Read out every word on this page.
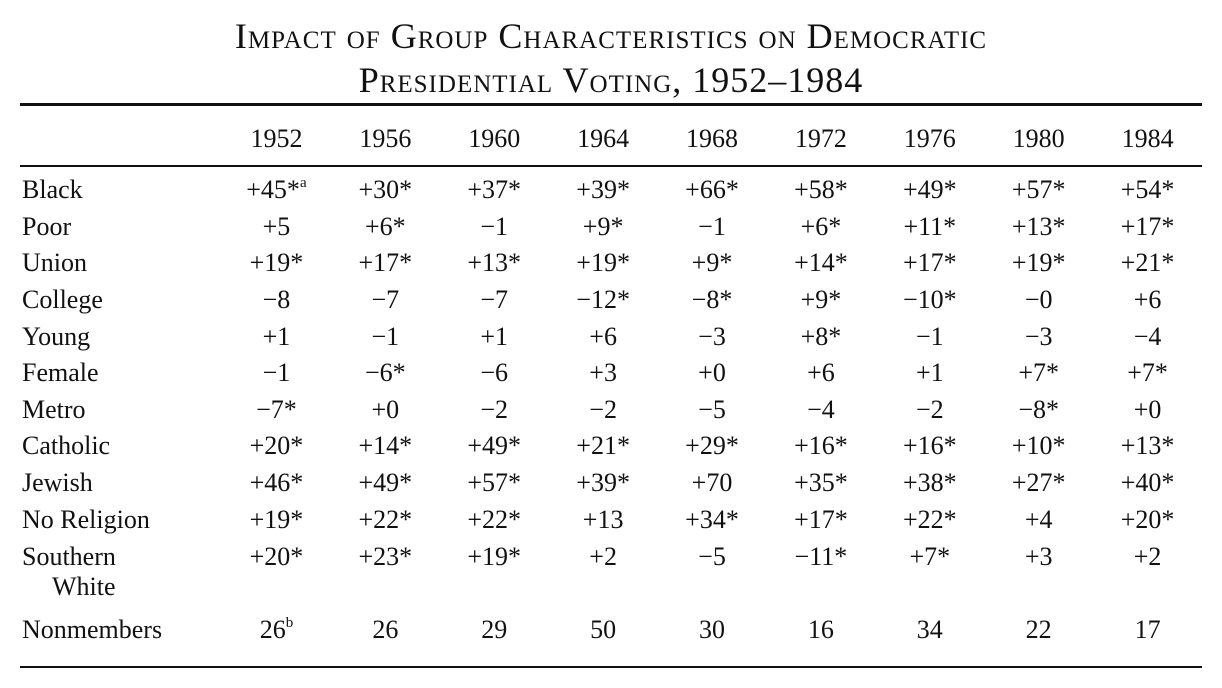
Impact of Group Characteristics on Democratic
Presidential Voting, 1952–1984
	1952	1956	1960	1964	1968	1972	1976	1980	1984

Black	+45*$^a$	+30*	+37*	+39*	+66*	+58*	+49*	+57*	+54*
Poor	+5	+6*	−1	+9*	−1	+6*	+11*	+13*	+17*
Union	+19*	+17*	+13*	+19*	+9*	+14*	+17*	+19*	+21*
College	−8	−7	−7	−12*	−8*	+9*	−10*	−0	+6
Young	+1	−1	+1	+6	−3	+8*	−1	−3	−4
Female	−1	−6*	−6	+3	+0	+6	+1	+7*	+7*
Metro	−7*	+0	−2	−2	−5	−4	−2	−8*	+0
Catholic	+20*	+14*	+49*	+21*	+29*	+16*	+16*	+10*	+13*
Jewish	+46*	+49*	+57*	+39*	+70	+35*	+38*	+27*	+40*
No Religion	+19*	+22*	+22*	+13	+34*	+17*	+22*	+4	+20*
Southern
White	+20*	+23*	+19*	+2	−5	−11*	+7*	+3	+2
Nonmembers	26$^b$	26	29	50	30	16	34	22	17
